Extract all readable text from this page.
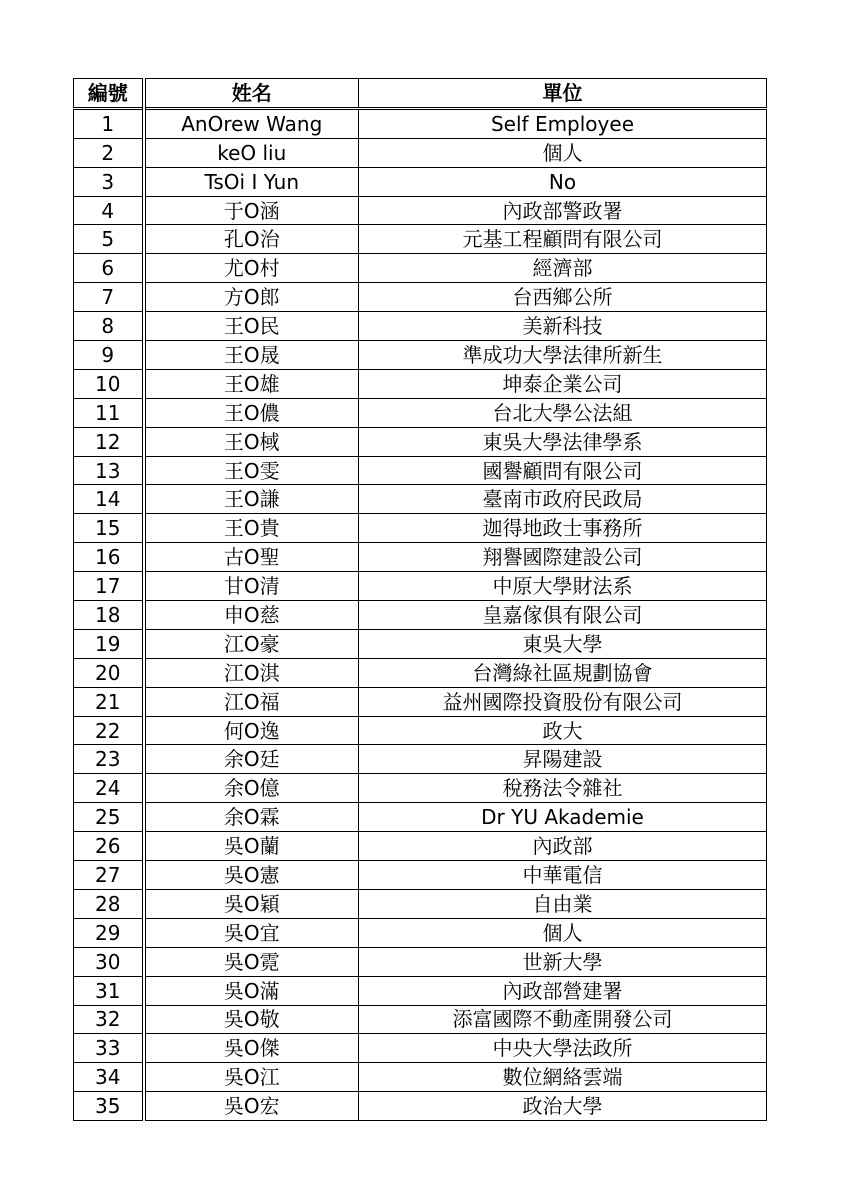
編號	姓名	單位
1	AnOrew Wang	Self Employee
2	keO liu	個人
3	TsOi I Yun	No
4	于O涵	內政部警政署
5	孔O治	元基工程顧問有限公司
6	尤O村	經濟部
7	方O郎	台西鄉公所
8	王O民	美新科技
9	王O晟	準成功大學法律所新生
10	王O雄	坤泰企業公司
11	王O儂	台北大學公法組
12	王O棫	東吳大學法律學系
13	王O雯	國譽顧問有限公司
14	王O謙	臺南市政府民政局
15	王O貴	迦得地政士事務所
16	古O聖	翔譽國際建設公司
17	甘O清	中原大學財法系
18	申O慈	皇嘉傢俱有限公司
19	江O豪	東吳大學
20	江O淇	台灣綠社區規劃協會
21	江O福	益州國際投資股份有限公司
22	何O逸	政大
23	余O廷	昇陽建設
24	余O億	稅務法令雜社
25	余O霖	Dr YU Akademie
26	吳O蘭	內政部
27	吳O憲	中華電信
28	吳O穎	自由業
29	吳O宜	個人
30	吳O霓	世新大學
31	吳O滿	內政部營建署
32	吳O敬	添富國際不動產開發公司
33	吳O傑	中央大學法政所
34	吳O江	數位網絡雲端
35	吳O宏	政治大學
